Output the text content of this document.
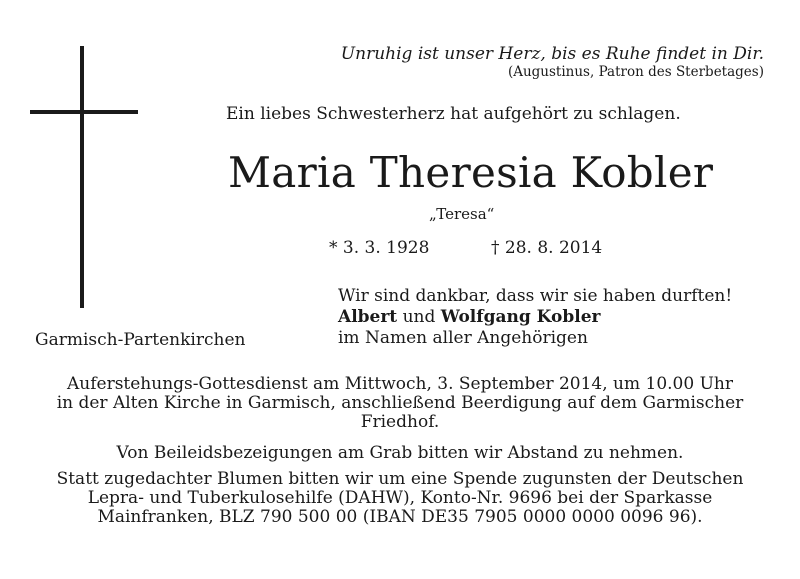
Unruhig ist unser Herz, bis es Ruhe findet in Dir.
(Augustinus, Patron des Sterbetages)
Ein liebes Schwesterherz hat aufgehört zu schlagen.
Maria Theresia Kobler
„Teresa“
* 3. 3. 1928	† 28. 8. 2014
Wir sind dankbar, dass wir sie haben durften!
Albert und Wolfgang Kobler
im Namen aller Angehörigen
Garmisch-Partenkirchen
Auferstehungs-Gottesdienst am Mittwoch, 3. September 2014, um 10.00 Uhr
in der Alten Kirche in Garmisch, anschließend Beerdigung auf dem Garmischer
Friedhof.
Von Beileidsbezeigungen am Grab bitten wir Abstand zu nehmen.
Statt zugedachter Blumen bitten wir um eine Spende zugunsten der Deutschen
Lepra- und Tuberkulosehilfe (DAHW), Konto-Nr. 9696 bei der Sparkasse
Mainfranken, BLZ 790 500 00 (IBAN DE35 7905 0000 0000 0096 96).
